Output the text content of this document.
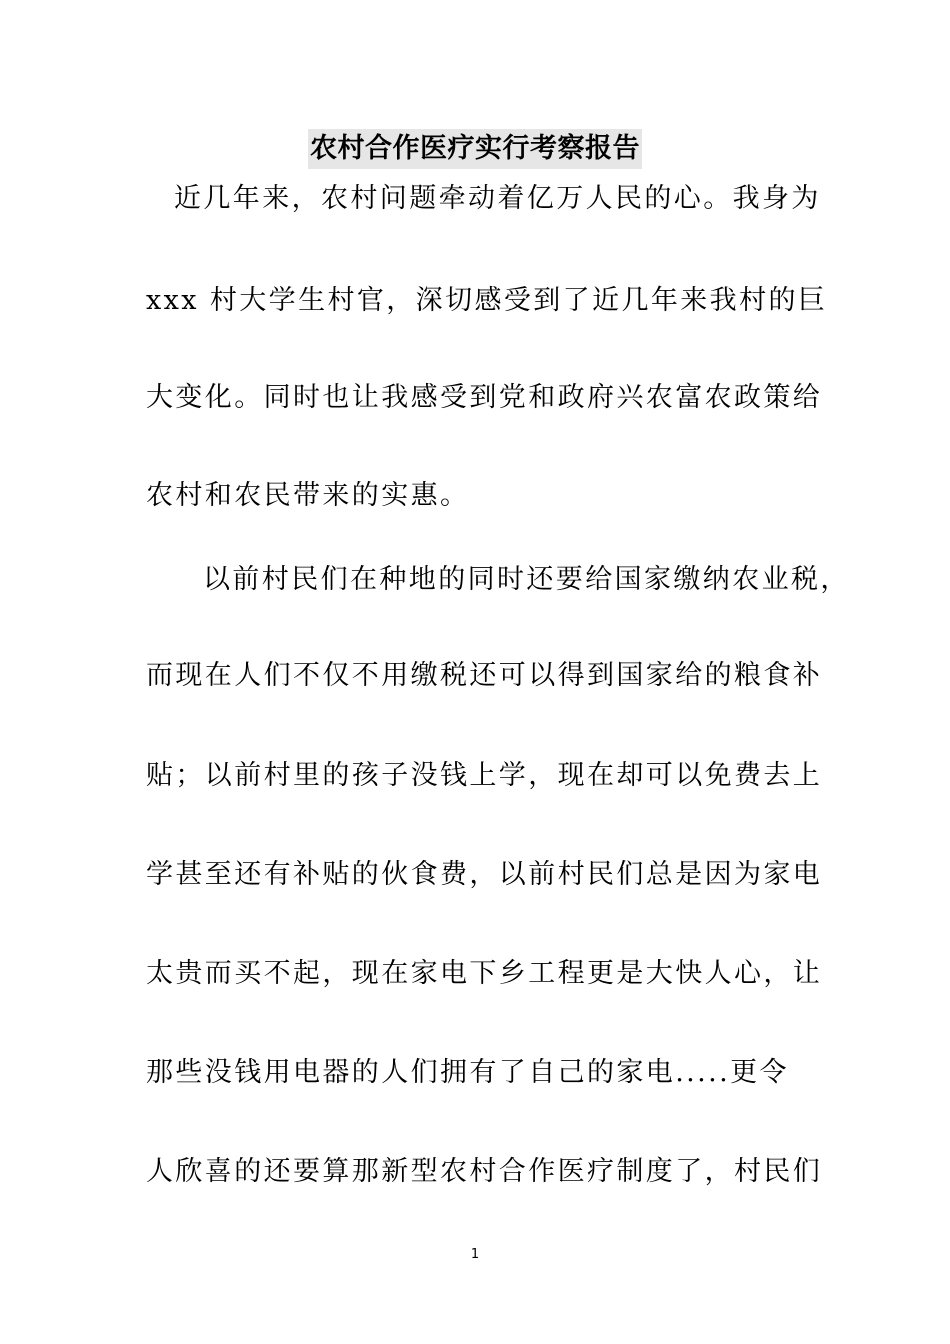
农村合作医疗实行考察报告
近几年来，农村问题牵动着亿万人民的心。我身为
xxx 村大学生村官，深切感受到了近几年来我村的巨
大变化。同时也让我感受到党和政府兴农富农政策给
农村和农民带来的实惠。
以前村民们在种地的同时还要给国家缴纳农业税，
而现在人们不仅不用缴税还可以得到国家给的粮食补
贴；以前村里的孩子没钱上学，现在却可以免费去上
学甚至还有补贴的伙食费，以前村民们总是因为家电
太贵而买不起，现在家电下乡工程更是大快人心，让
那些没钱用电器的人们拥有了自己的家电.....更令
人欣喜的还要算那新型农村合作医疗制度了，村民们
1
